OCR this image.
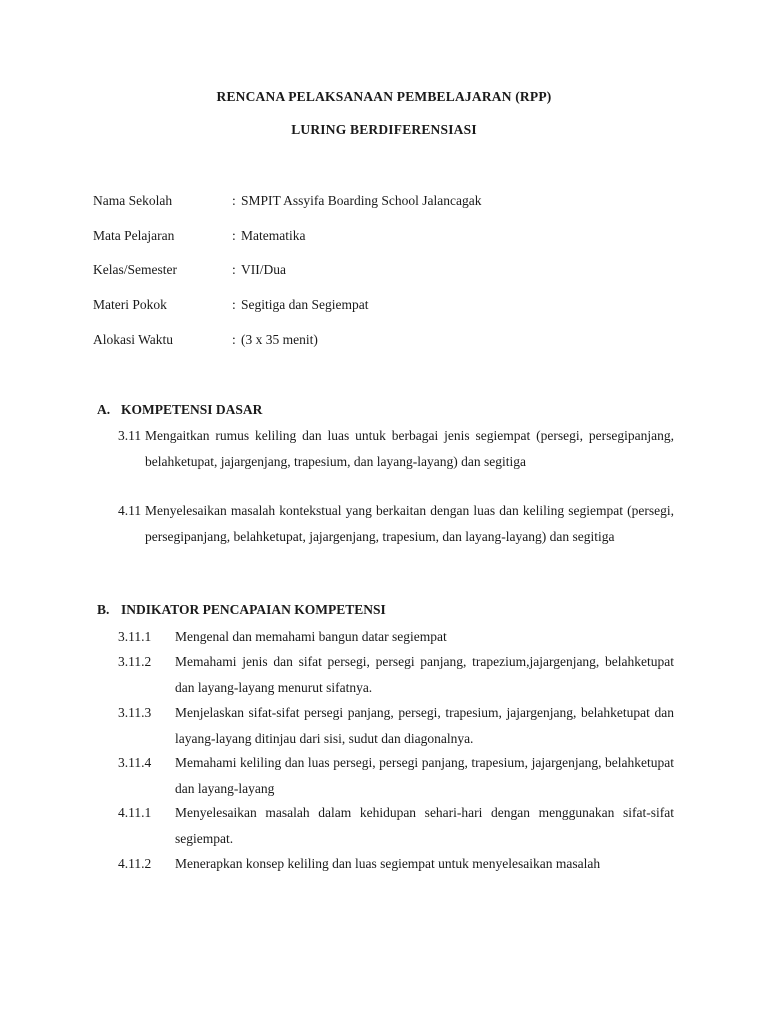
RENCANA PELAKSANAAN PEMBELAJARAN (RPP)
LURING BERDIFERENSIASI
Nama Sekolah	: SMPIT Assyifa Boarding School Jalancagak
Mata Pelajaran	: Matematika
Kelas/Semester	: VII/Dua
Materi Pokok	: Segitiga dan Segiempat
Alokasi Waktu	: (3 x 35 menit)
A. KOMPETENSI DASAR
3.11 Mengaitkan rumus keliling dan luas untuk berbagai jenis segiempat (persegi, persegipanjang, belahketupat, jajargenjang, trapesium, dan layang-layang) dan segitiga
4.11 Menyelesaikan masalah kontekstual yang berkaitan dengan luas dan keliling segiempat (persegi, persegipanjang, belahketupat, jajargenjang, trapesium, dan layang-layang) dan segitiga
B. INDIKATOR PENCAPAIAN KOMPETENSI
3.11.1 Mengenal dan memahami bangun datar segiempat
3.11.2 Memahami jenis dan sifat persegi, persegi panjang, trapezium,jajargenjang, belahketupat dan layang-layang menurut sifatnya.
3.11.3 Menjelaskan sifat-sifat persegi panjang, persegi, trapesium, jajargenjang, belahketupat dan layang-layang ditinjau dari sisi, sudut dan diagonalnya.
3.11.4 Memahami keliling dan luas persegi, persegi panjang, trapesium, jajargenjang, belahketupat dan layang-layang
4.11.1 Menyelesaikan masalah dalam kehidupan sehari-hari dengan menggunakan sifat-sifat segiempat.
4.11.2 Menerapkan konsep keliling dan luas segiempat untuk menyelesaikan masalah
